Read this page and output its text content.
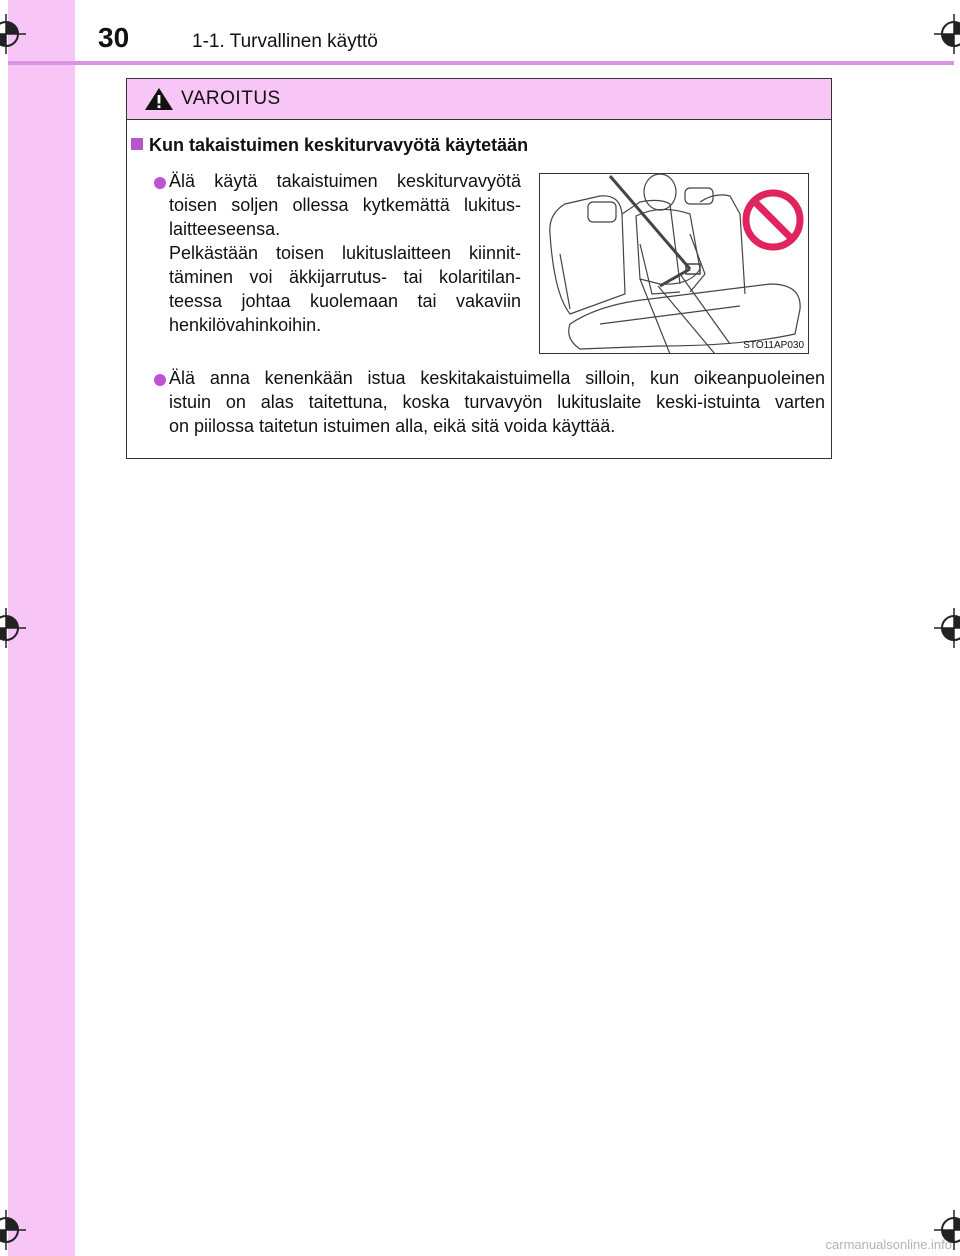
30	1-1. Turvallinen käyttö
VAROITUS
Kun takaistuimen keskiturvavyötä käytetään
Älä käytä takaistuimen keskiturvavyötä
toisen soljen ollessa kytkemättä lukitus-
laitteeseensa.
Pelkästään toisen lukituslaitteen kiinnit-
täminen voi äkkijarrutus- tai kolaritilan-
teessa johtaa kuolemaan tai vakaviin
henkilövahinkoihin.
STO11AP030
Älä anna kenenkään istua keskitakaistuimella silloin, kun oikeanpuoleinen
istuin on alas taitettuna, koska turvavyön lukituslaite keski-istuinta varten
on piilossa taitetun istuimen alla, eikä sitä voida käyttää.
carmanualsonline.info
